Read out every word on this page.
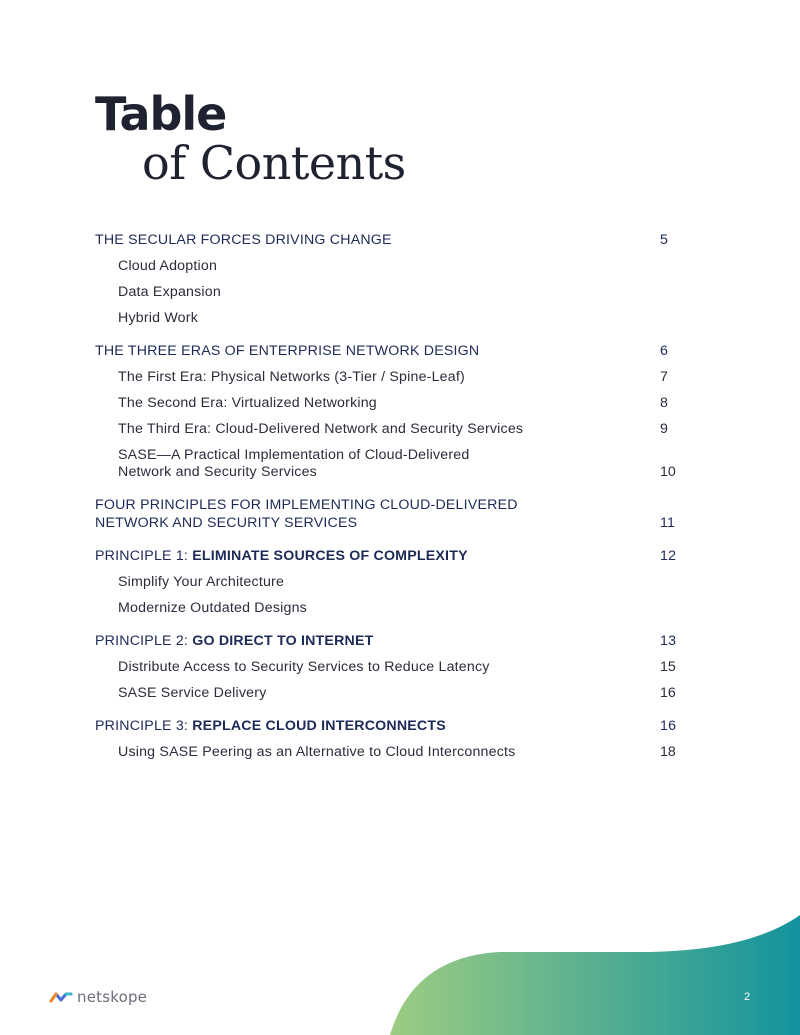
Table
of Contents
THE SECULAR FORCES DRIVING CHANGE	5
Cloud Adoption
Data Expansion
Hybrid Work
THE THREE ERAS OF ENTERPRISE NETWORK DESIGN	6
The First Era: Physical Networks (3-Tier / Spine-Leaf)	7
The Second Era: Virtualized Networking	8
The Third Era: Cloud-Delivered Network and Security Services	9
SASE—A Practical Implementation of Cloud-Delivered
Network and Security Services	10
FOUR PRINCIPLES FOR IMPLEMENTING CLOUD-DELIVERED
NETWORK AND SECURITY SERVICES	11
PRINCIPLE 1: ELIMINATE SOURCES OF COMPLEXITY	12
Simplify Your Architecture
Modernize Outdated Designs
PRINCIPLE 2: GO DIRECT TO INTERNET	13
Distribute Access to Security Services to Reduce Latency	15
SASE Service Delivery	16
PRINCIPLE 3: REPLACE CLOUD INTERCONNECTS	16
Using SASE Peering as an Alternative to Cloud Interconnects	18
netskope	2
